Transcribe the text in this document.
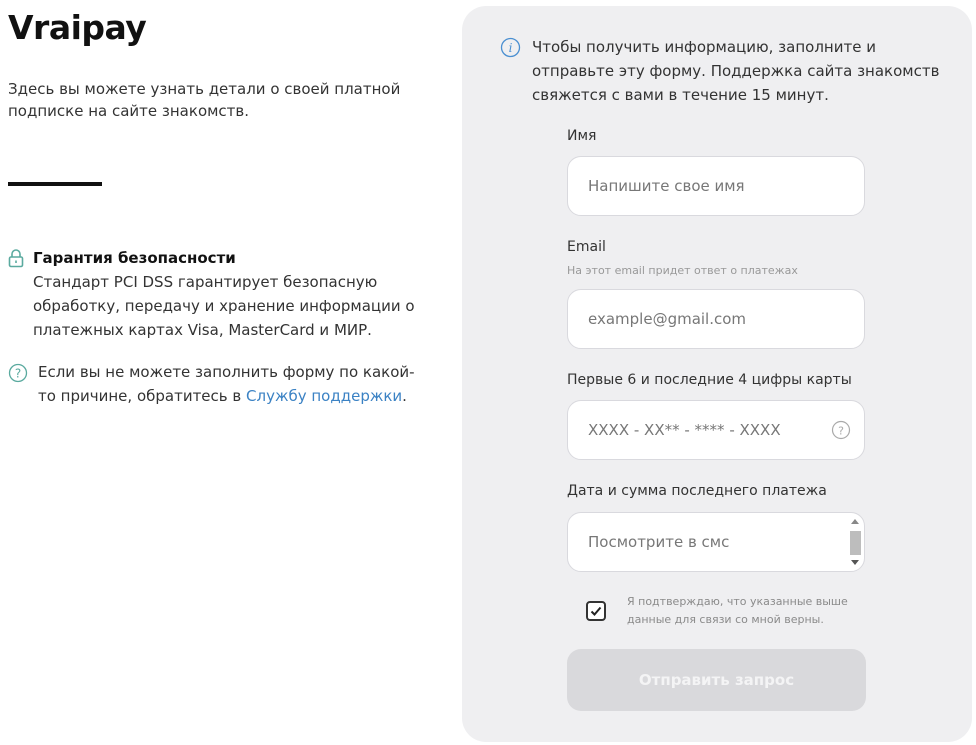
Vraipay
Здесь вы можете узнать детали о своей платной подписке на сайте знакомств.
Гарантия безопасности
Стандарт PCI DSS гарантирует безопасную обработку, передачу и хранение информации о платежных картах Visa, MasterCard и МИР.
? Если вы не можете заполнить форму по какой-то причине, обратитесь в Службу поддержки.
i Чтобы получить информацию, заполните и отправьте эту форму. Поддержка сайта знакомств свяжется с вами в течение 15 минут.
Имя
Напишите свое имя
Email
На этот email придет ответ о платежах
example@gmail.com
Первые 6 и последние 4 цифры карты
XXXX - XX** - **** - XXXX
?
Дата и сумма последнего платежа
Посмотрите в смс
Я подтверждаю, что указанные выше данные для связи со мной верны.
Отправить запрос
